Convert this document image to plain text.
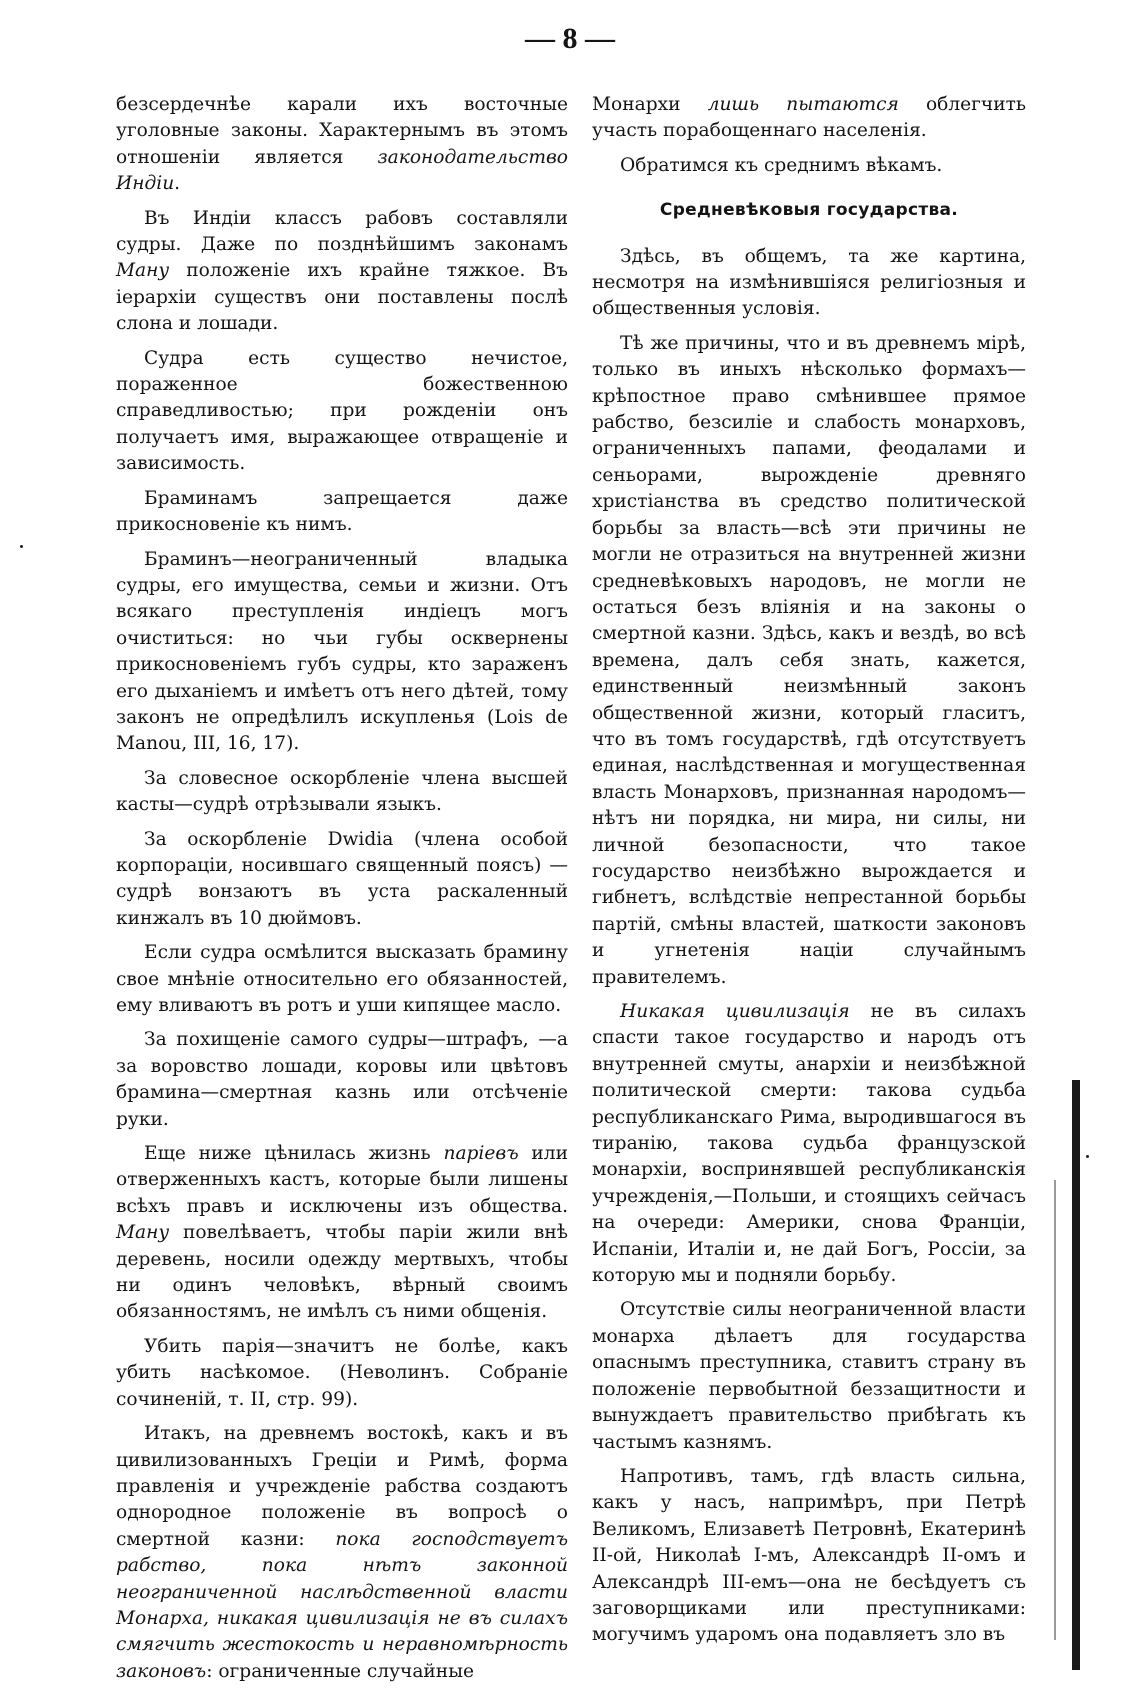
— 8 —

безсердечнѣе карали ихъ восточные уголовные законы. Характернымъ въ этомъ отношеніи является законодательство Индіи.

Въ Индіи классъ рабовъ составляли судры. Даже по позднѣйшимъ законамъ Ману положеніе ихъ крайне тяжкое. Въ іерархіи существъ они поставлены послѣ слона и лошади.

Судра есть существо нечистое, пораженное божественною справедливостью; при рожденіи онъ получаетъ имя, выражающее отвращеніе и зависимость.

Браминамъ запрещается даже прикосновеніе къ нимъ.

Браминъ—неограниченный владыка судры, его имущества, семьи и жизни. Отъ всякаго преступленія индіецъ могъ очиститься: но чьи губы осквернены прикосновеніемъ губъ судры, кто зараженъ его дыханіемъ и имѣетъ отъ него дѣтей, тому законъ не опредѣлилъ искупленья (Lois de Manou, III, 16, 17).

За словесное оскорбленіе члена высшей касты—судрѣ отрѣзывали языкъ.

За оскорбленіе Dwidia (члена особой корпораціи, носившаго священный поясъ) —судрѣ вонзаютъ въ уста раскаленный кинжалъ въ 10 дюймовъ.

Если судра осмѣлится высказать брамину свое мнѣніе относительно его обязанностей, ему вливаютъ въ ротъ и уши кипящее масло.

За похищеніе самого судры—штрафъ, —а за воровство лошади, коровы или цвѣтовъ брамина—смертная казнь или отсѣченіе руки.

Еще ниже цѣнилась жизнь паріевъ или отверженныхъ кастъ, которые были лишены всѣхъ правъ и исключены изъ общества. Ману повелѣваетъ, чтобы паріи жили внѣ деревень, носили одежду мертвыхъ, чтобы ни одинъ человѣкъ, вѣрный своимъ обязанностямъ, не имѣлъ съ ними общенія.

Убить парія—значитъ не болѣе, какъ убить насѣкомое. (Неволинъ. Собраніе сочиненій, т. II, стр. 99).

Итакъ, на древнемъ востокѣ, какъ и въ цивилизованныхъ Греціи и Римѣ, форма правленія и учрежденіе рабства создаютъ однородное положеніе въ вопросѣ о смертной казни: пока господствуетъ рабство, пока нѣтъ законной неограниченной наслѣдственной власти Монарха, никакая цивилизація не въ силахъ смягчить жестокость и неравномѣрность законовъ: ограниченные случайные

Монархи лишь пытаются облегчить участь порабощеннаго населенія.

Обратимся къ среднимъ вѣкамъ.

Средневѣковыя государства.

Здѣсь, въ общемъ, та же картина, несмотря на измѣнившіяся религіозныя и общественныя условія.

Тѣ же причины, что и въ древнемъ мірѣ, только въ иныхъ нѣсколько формахъ—крѣпостное право смѣнившее прямое рабство, безсиліе и слабость монарховъ, ограниченныхъ папами, феодалами и сеньорами, вырожденіе древняго христіанства въ средство политической борьбы за власть—всѣ эти причины не могли не отразиться на внутренней жизни средневѣковыхъ народовъ, не могли не остаться безъ вліянія и на законы о смертной казни. Здѣсь, какъ и вездѣ, во всѣ времена, далъ себя знать, кажется, единственный неизмѣнный законъ общественной жизни, который гласитъ, что въ томъ государствѣ, гдѣ отсутствуетъ единая, наслѣдственная и могущественная власть Монарховъ, признанная народомъ—нѣтъ ни порядка, ни мира, ни силы, ни личной безопасности, что такое государство неизбѣжно вырождается и гибнетъ, вслѣдствіе непрестанной борьбы партій, смѣны властей, шаткости законовъ и угнетенія націи случайнымъ правителемъ.

Никакая цивилизація не въ силахъ спасти такое государство и народъ отъ внутренней смуты, анархіи и неизбѣжной политической смерти: такова судьба республиканскаго Рима, выродившагося въ тиранію, такова судьба французской монархіи, воспринявшей республиканскія учрежденія,—Польши, и стоящихъ сейчасъ на очереди: Америки, снова Франціи, Испаніи, Италіи и, не дай Богъ, Россіи, за которую мы и подняли борьбу.

Отсутствіе силы неограниченной власти монарха дѣлаетъ для государства опаснымъ преступника, ставитъ страну въ положеніе первобытной беззащитности и вынуждаетъ правительство прибѣгать къ частымъ казнямъ.

Напротивъ, тамъ, гдѣ власть сильна, какъ у насъ, напримѣръ, при Петрѣ Великомъ, Елизаветѣ Петровнѣ, Екатеринѣ II-ой, Николаѣ I-мъ, Александрѣ II-омъ и Александрѣ III-емъ—она не бесѣдуетъ съ заговорщиками или преступниками: могучимъ ударомъ она подавляетъ зло въ
